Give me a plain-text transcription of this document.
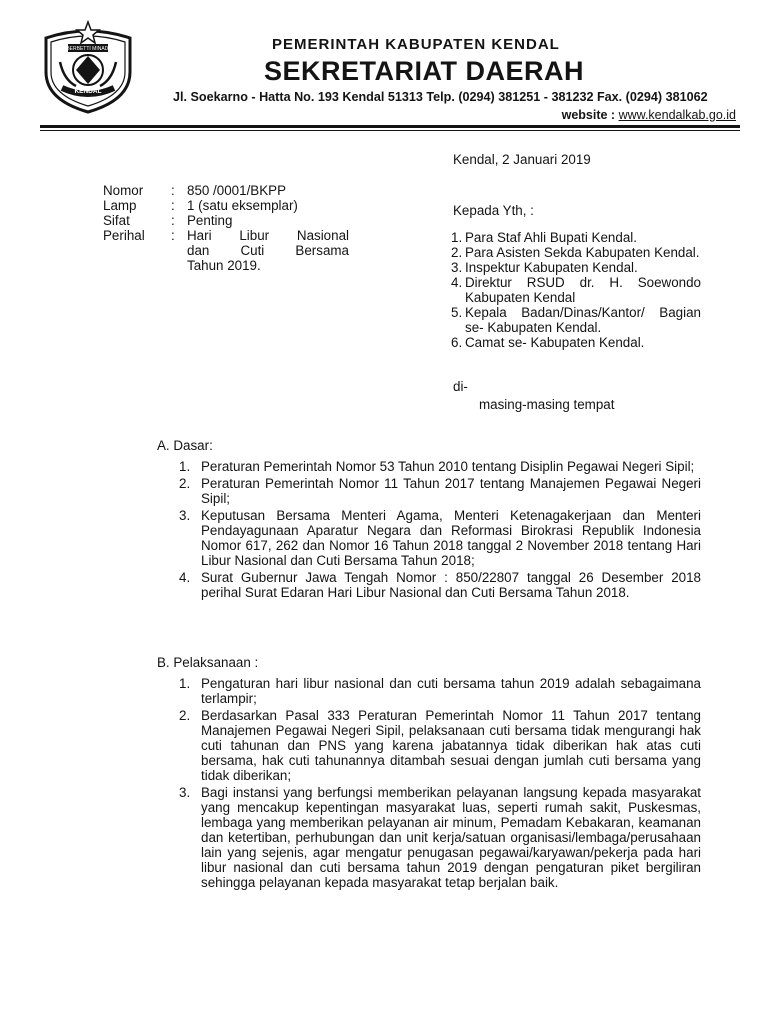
BERBETTI MINADI
KENDAL
PEMERINTAH KABUPATEN KENDAL
SEKRETARIAT DAERAH
Jl. Soekarno - Hatta No. 193 Kendal 51313 Telp. (0294) 381251 - 381232 Fax. (0294) 381062
website : www.kendalkab.go.id
Kendal, 2 Januari 2019
Nomor	: 850 /0001/BKPP
Lamp	: 1 (satu eksemplar)
Sifat	: Penting
Perihal	: Hari Libur Nasional
dan Cuti Bersama
Tahun 2019.
Kepada Yth, :
1. Para Staf Ahli Bupati Kendal.
2. Para Asisten Sekda Kabupaten Kendal.
3. Inspektur Kabupaten Kendal.
4. Direktur RSUD dr. H. Soewondo Kabupaten Kendal
5. Kepala Badan/Dinas/Kantor/ Bagian se- Kabupaten Kendal.
6. Camat se- Kabupaten Kendal.
di-
masing-masing tempat
A. Dasar:
1. Peraturan Pemerintah Nomor 53 Tahun 2010 tentang Disiplin Pegawai Negeri Sipil;
2. Peraturan Pemerintah Nomor 11 Tahun 2017 tentang Manajemen Pegawai Negeri Sipil;
3. Keputusan Bersama Menteri Agama, Menteri Ketenagakerjaan dan Menteri Pendayagunaan Aparatur Negara dan Reformasi Birokrasi Republik Indonesia Nomor 617, 262 dan Nomor 16 Tahun 2018 tanggal 2 November 2018 tentang Hari Libur Nasional dan Cuti Bersama Tahun 2018;
4. Surat Gubernur Jawa Tengah Nomor : 850/22807 tanggal 26 Desember 2018 perihal Surat Edaran Hari Libur Nasional dan Cuti Bersama Tahun 2018.
B. Pelaksanaan :
1. Pengaturan hari libur nasional dan cuti bersama tahun 2019 adalah sebagaimana terlampir;
2. Berdasarkan Pasal 333 Peraturan Pemerintah Nomor 11 Tahun 2017 tentang Manajemen Pegawai Negeri Sipil, pelaksanaan cuti bersama tidak mengurangi hak cuti tahunan dan PNS yang karena jabatannya tidak diberikan hak atas cuti bersama, hak cuti tahunannya ditambah sesuai dengan jumlah cuti bersama yang tidak diberikan;
3. Bagi instansi yang berfungsi memberikan pelayanan langsung kepada masyarakat yang mencakup kepentingan masyarakat luas, seperti rumah sakit, Puskesmas, lembaga yang memberikan pelayanan air minum, Pemadam Kebakaran, keamanan dan ketertiban, perhubungan dan unit kerja/satuan organisasi/lembaga/perusahaan lain yang sejenis, agar mengatur penugasan pegawai/karyawan/pekerja pada hari libur nasional dan cuti bersama tahun 2019 dengan pengaturan piket bergiliran sehingga pelayanan kepada masyarakat tetap berjalan baik.
